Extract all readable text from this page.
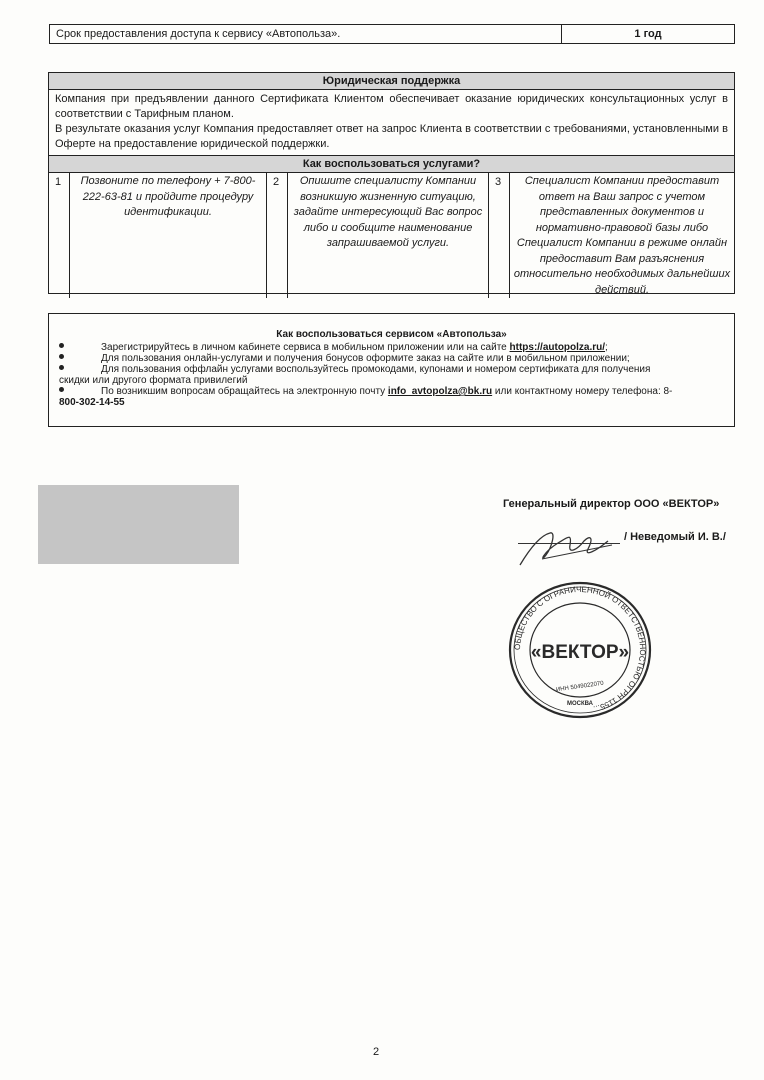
Срок предоставления доступа к сервису «Автопольза».	1 год
Юридическая поддержка
Компания при предъявлении данного Сертификата Клиентом обеспечивает оказание юридических консультационных услуг в соответствии с Тарифным планом.
В результате оказания услуг Компания предоставляет ответ на запрос Клиента в соответствии с требованиями, установленными в Оферте на предоставление юридической поддержки.
Как воспользоваться услугами?
1	Позвоните по телефону + 7-800-222-63-81 и пройдите процедуру идентификации.
2	Опишите специалисту Компании возникшую жизненную ситуацию, задайте интересующий Вас вопрос либо и сообщите наименование запрашиваемой услуги.
3	Специалист Компании предоставит ответ на Ваш запрос с учетом представленных документов и нормативно-правовой базы либо Специалист Компании в режиме онлайн предоставит Вам разъяснения относительно необходимых дальнейших действий.
Как воспользоваться сервисом «Автопольза»
Зарегистрируйтесь в личном кабинете сервиса в мобильном приложении или на сайте https://autopolza.ru/;
Для пользования онлайн-услугами и получения бонусов оформите заказ на сайте или в мобильном приложении;
Для пользования оффлайн услугами воспользуйтесь промокодами, купонами и номером сертификата для получения
скидки или другого формата привилегий
По возникшим вопросам обращайтесь на электронную почту info_avtopolza@bk.ru или контактному номеру телефона: 8-
800-302-14-55
Генеральный директор ООО «ВЕКТОР»
/ Неведомый И. В./
ОБЩЕСТВО С ОГРАНИЧЕННОЙ ОТВЕТСТВЕННОСТЬЮ ОГРН 1155...
«ВЕКТОР»
ИНН 5049022070
МОСКВА
2
